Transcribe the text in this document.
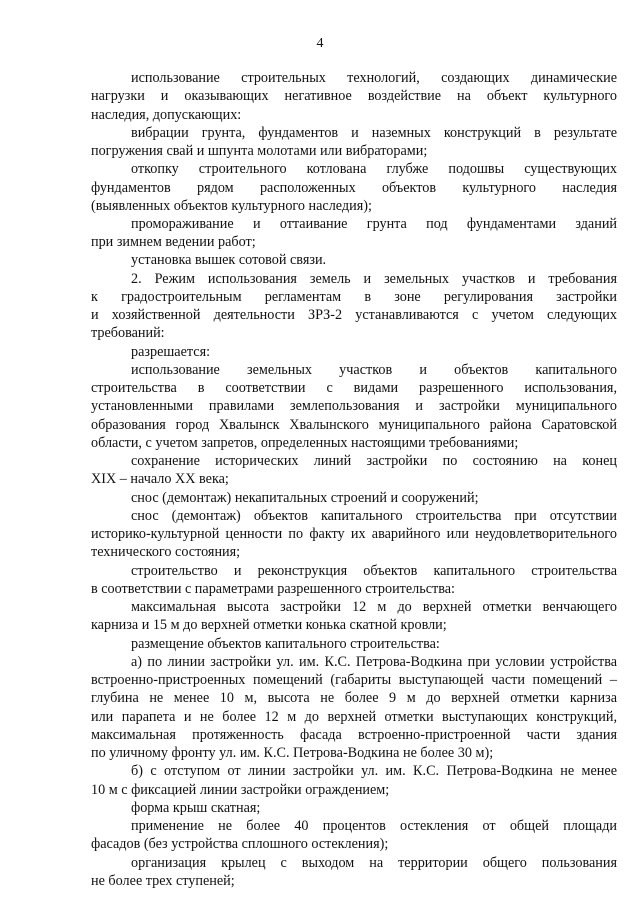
4
использование строительных технологий, создающих динамические
нагрузки и оказывающих негативное воздействие на объект культурного
наследия, допускающих:
вибрации грунта, фундаментов и наземных конструкций в результате
погружения свай и шпунта молотами или вибраторами;
откопку строительного котлована глубже подошвы существующих
фундаментов рядом расположенных объектов культурного наследия
(выявленных объектов культурного наследия);
промораживание и оттаивание грунта под фундаментами зданий
при зимнем ведении работ;
установка вышек сотовой связи.
2. Режим использования земель и земельных участков и требования
к градостроительным регламентам в зоне регулирования застройки
и хозяйственной деятельности ЗРЗ-2 устанавливаются с учетом следующих
требований:
разрешается:
использование земельных участков и объектов капитального
строительства в соответствии с видами разрешенного использования,
установленными правилами землепользования и застройки муниципального
образования город Хвалынск Хвалынского муниципального района Саратовской
области, с учетом запретов, определенных настоящими требованиями;
сохранение исторических линий застройки по состоянию на конец
XIX – начало XX века;
снос (демонтаж) некапитальных строений и сооружений;
снос (демонтаж) объектов капитального строительства при отсутствии
историко-культурной ценности по факту их аварийного или неудовлетворительного
технического состояния;
строительство и реконструкция объектов капитального строительства
в соответствии с параметрами разрешенного строительства:
максимальная высота застройки 12 м до верхней отметки венчающего
карниза и 15 м до верхней отметки конька скатной кровли;
размещение объектов капитального строительства:
а) по линии застройки ул. им. К.С. Петрова-Водкина при условии устройства
встроенно-пристроенных помещений (габариты выступающей части помещений –
глубина не менее 10 м, высота не более 9 м до верхней отметки карниза
или парапета и не более 12 м до верхней отметки выступающих конструкций,
максимальная протяженность фасада встроенно-пристроенной части здания
по уличному фронту ул. им. К.С. Петрова-Водкина не более 30 м);
б) с отступом от линии застройки ул. им. К.С. Петрова-Водкина не менее
10 м с фиксацией линии застройки ограждением;
форма крыш скатная;
применение не более 40 процентов остекления от общей площади
фасадов (без устройства сплошного остекления);
организация крылец с выходом на территории общего пользования
не более трех ступеней;
